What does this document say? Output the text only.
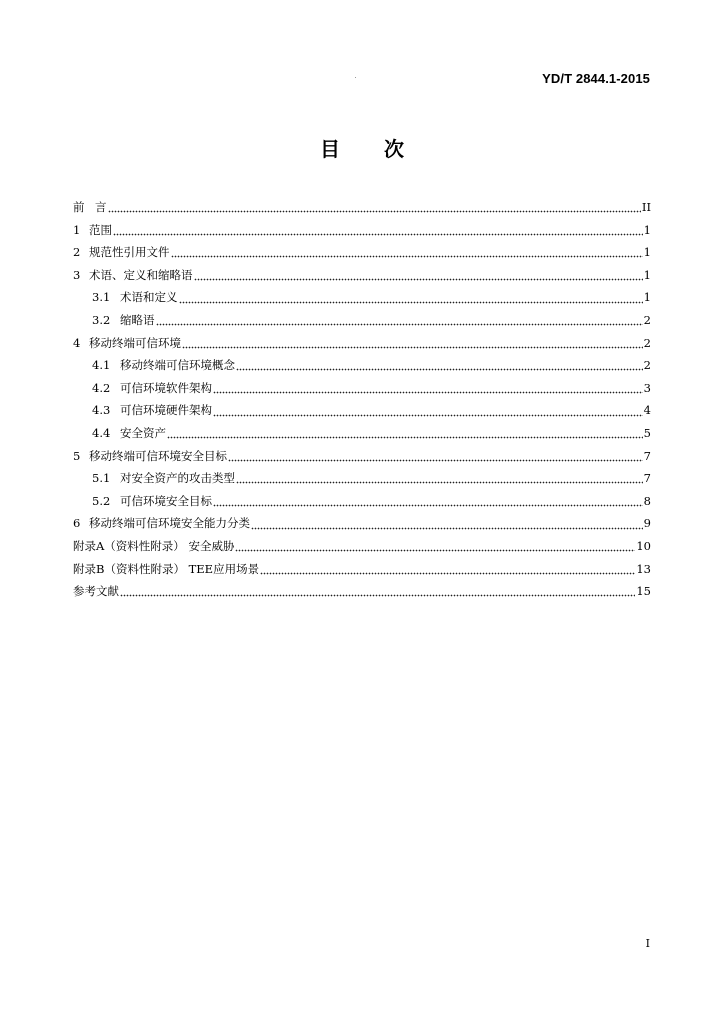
YD/T 2844.1-2015
目 次
前 言	II
1 范围	1
2 规范性引用文件	1
3 术语、定义和缩略语	1
3.1 术语和定义	1
3.2 缩略语	2
4 移动终端可信环境	2
4.1 移动终端可信环境概念	2
4.2 可信环境软件架构	3
4.3 可信环境硬件架构	4
4.4 安全资产	5
5 移动终端可信环境安全目标	7
5.1 对安全资产的攻击类型	7
5.2 可信环境安全目标	8
6 移动终端可信环境安全能力分类	9
附录A（资料性附录） 安全威胁	10
附录B（资料性附录） TEE应用场景	13
参考文献	15
I
